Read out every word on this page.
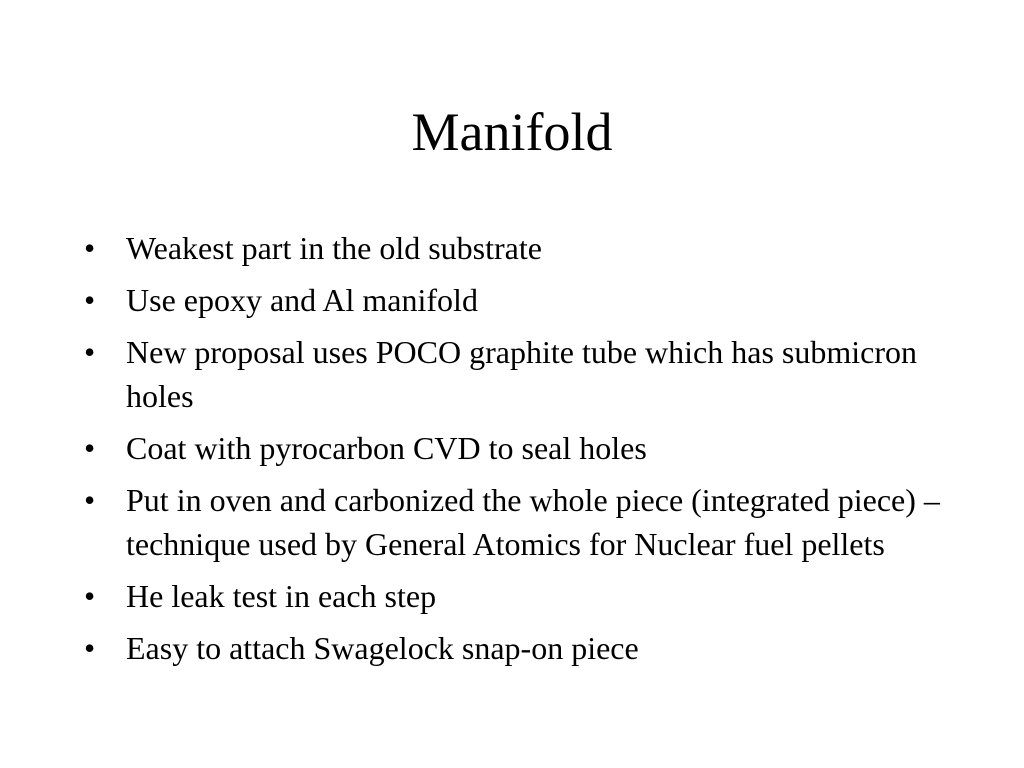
Manifold
• Weakest part in the old substrate
• Use epoxy and Al manifold
• New proposal uses POCO graphite tube which has submicron holes
• Coat with pyrocarbon CVD to seal holes
• Put in oven and carbonized the whole piece (integrated piece) – technique used by General Atomics for Nuclear fuel pellets
• He leak test in each step
• Easy to attach Swagelock snap-on piece
